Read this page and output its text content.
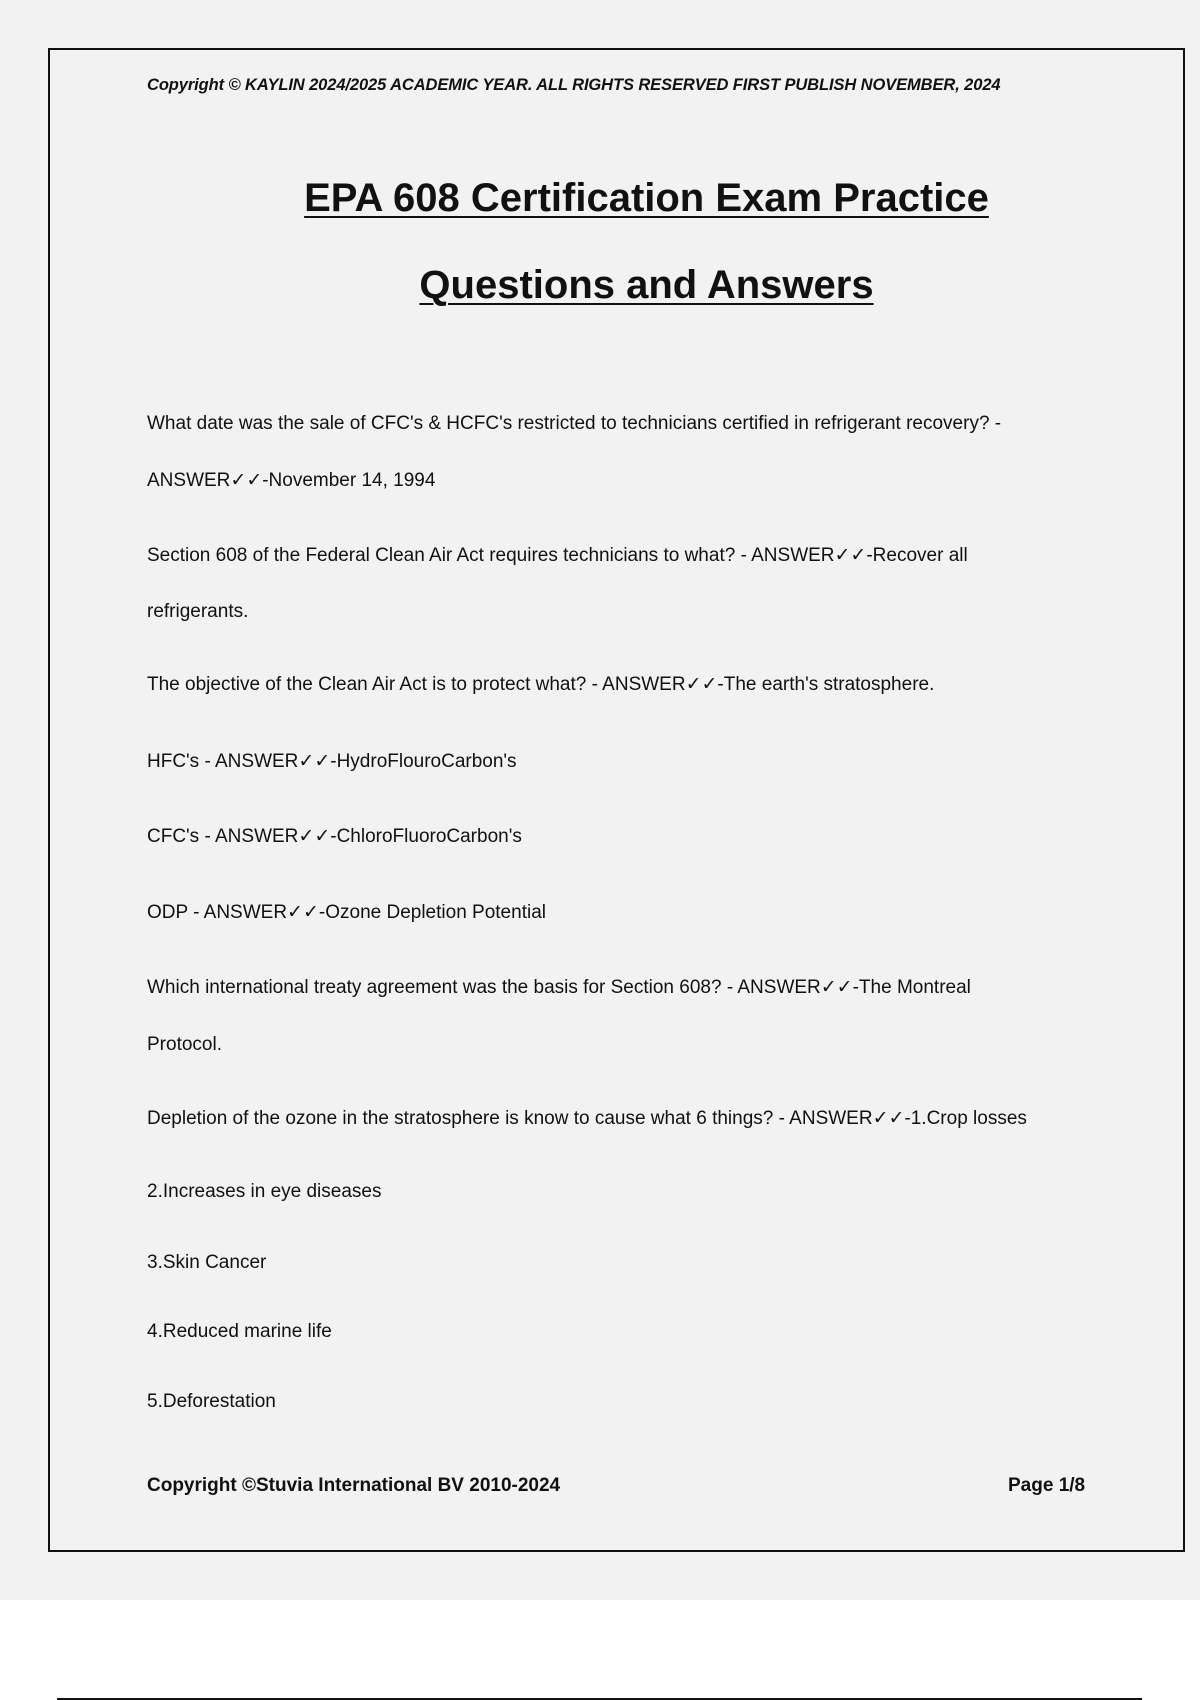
Copyright © KAYLIN 2024/2025 ACADEMIC YEAR. ALL RIGHTS RESERVED FIRST PUBLISH NOVEMBER, 2024
EPA 608 Certification Exam Practice
Questions and Answers
What date was the sale of CFC's & HCFC's restricted to technicians certified in refrigerant recovery? -
ANSWER✓✓-November 14, 1994
Section 608 of the Federal Clean Air Act requires technicians to what? - ANSWER✓✓-Recover all
refrigerants.
The objective of the Clean Air Act is to protect what? - ANSWER✓✓-The earth's stratosphere.
HFC's - ANSWER✓✓-HydroFlouroCarbon's
CFC's - ANSWER✓✓-ChloroFluoroCarbon's
ODP - ANSWER✓✓-Ozone Depletion Potential
Which international treaty agreement was the basis for Section 608? - ANSWER✓✓-The Montreal
Protocol.
Depletion of the ozone in the stratosphere is know to cause what 6 things? - ANSWER✓✓-1.Crop losses
2.Increases in eye diseases
3.Skin Cancer
4.Reduced marine life
5.Deforestation
Copyright ©Stuvia International BV 2010-2024	Page 1/8
